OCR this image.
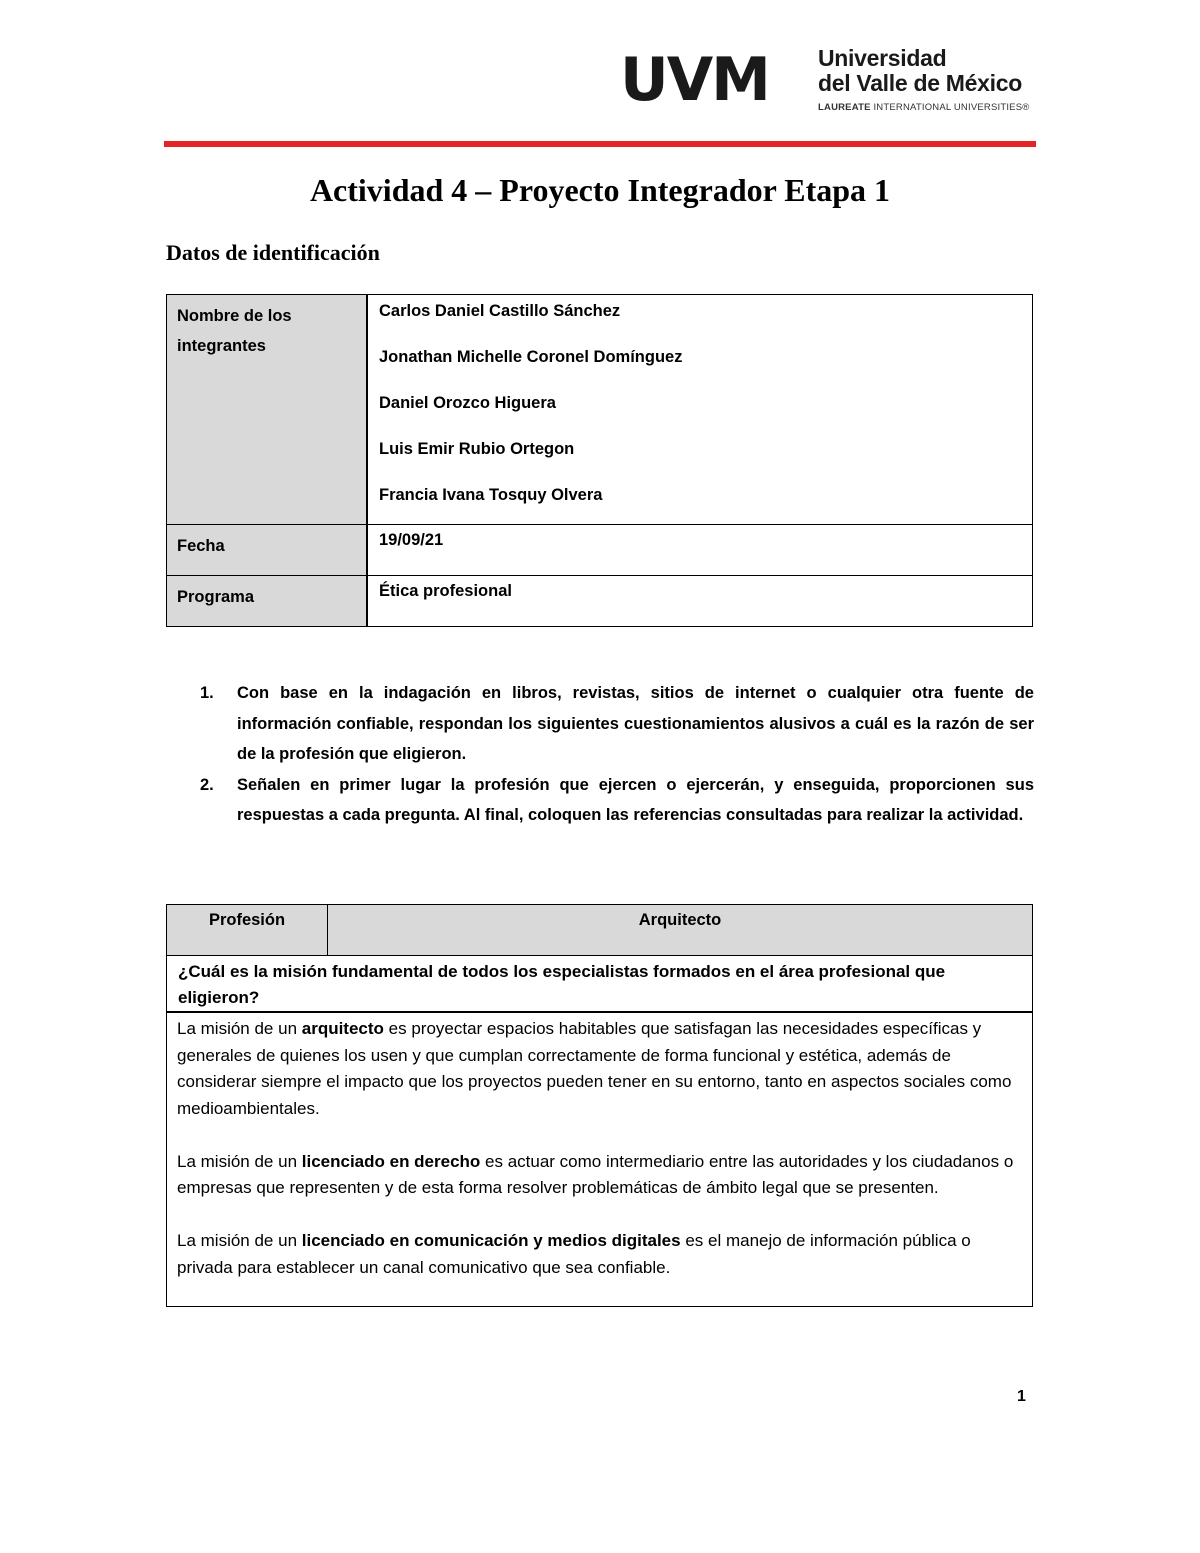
UVM Universidad
del Valle de México
LAUREATE INTERNATIONAL UNIVERSITIES®
Actividad 4 – Proyecto Integrador Etapa 1
Datos de identificación
Nombre de los integrantes	Carlos Daniel Castillo Sánchez
Jonathan Michelle Coronel Domínguez
Daniel Orozco Higuera
Luis Emir Rubio Ortegon
Francia Ivana Tosquy Olvera

Fecha	19/09/21
Programa	Ética profesional
1. Con base en la indagación en libros, revistas, sitios de internet o cualquier otra fuente de información confiable, respondan los siguientes cuestionamientos alusivos a cuál es la razón de ser de la profesión que eligieron.
2. Señalen en primer lugar la profesión que ejercen o ejercerán, y enseguida, proporcionen sus respuestas a cada pregunta. Al final, coloquen las referencias consultadas para realizar la actividad.
Profesión	Arquitecto
¿Cuál es la misión fundamental de todos los especialistas formados en el área profesional que eligieron?

La misión de un arquitecto es proyectar espacios habitables que satisfagan las necesidades específicas y generales de quienes los usen y que cumplan correctamente de forma funcional y estética, además de considerar siempre el impacto que los proyectos pueden tener en su entorno, tanto en aspectos sociales como medioambientales.

La misión de un licenciado en derecho es actuar como intermediario entre las autoridades y los ciudadanos o empresas que representen y de esta forma resolver problemáticas de ámbito legal que se presenten.

La misión de un licenciado en comunicación y medios digitales es el manejo de información pública o privada para establecer un canal comunicativo que sea confiable.

1
